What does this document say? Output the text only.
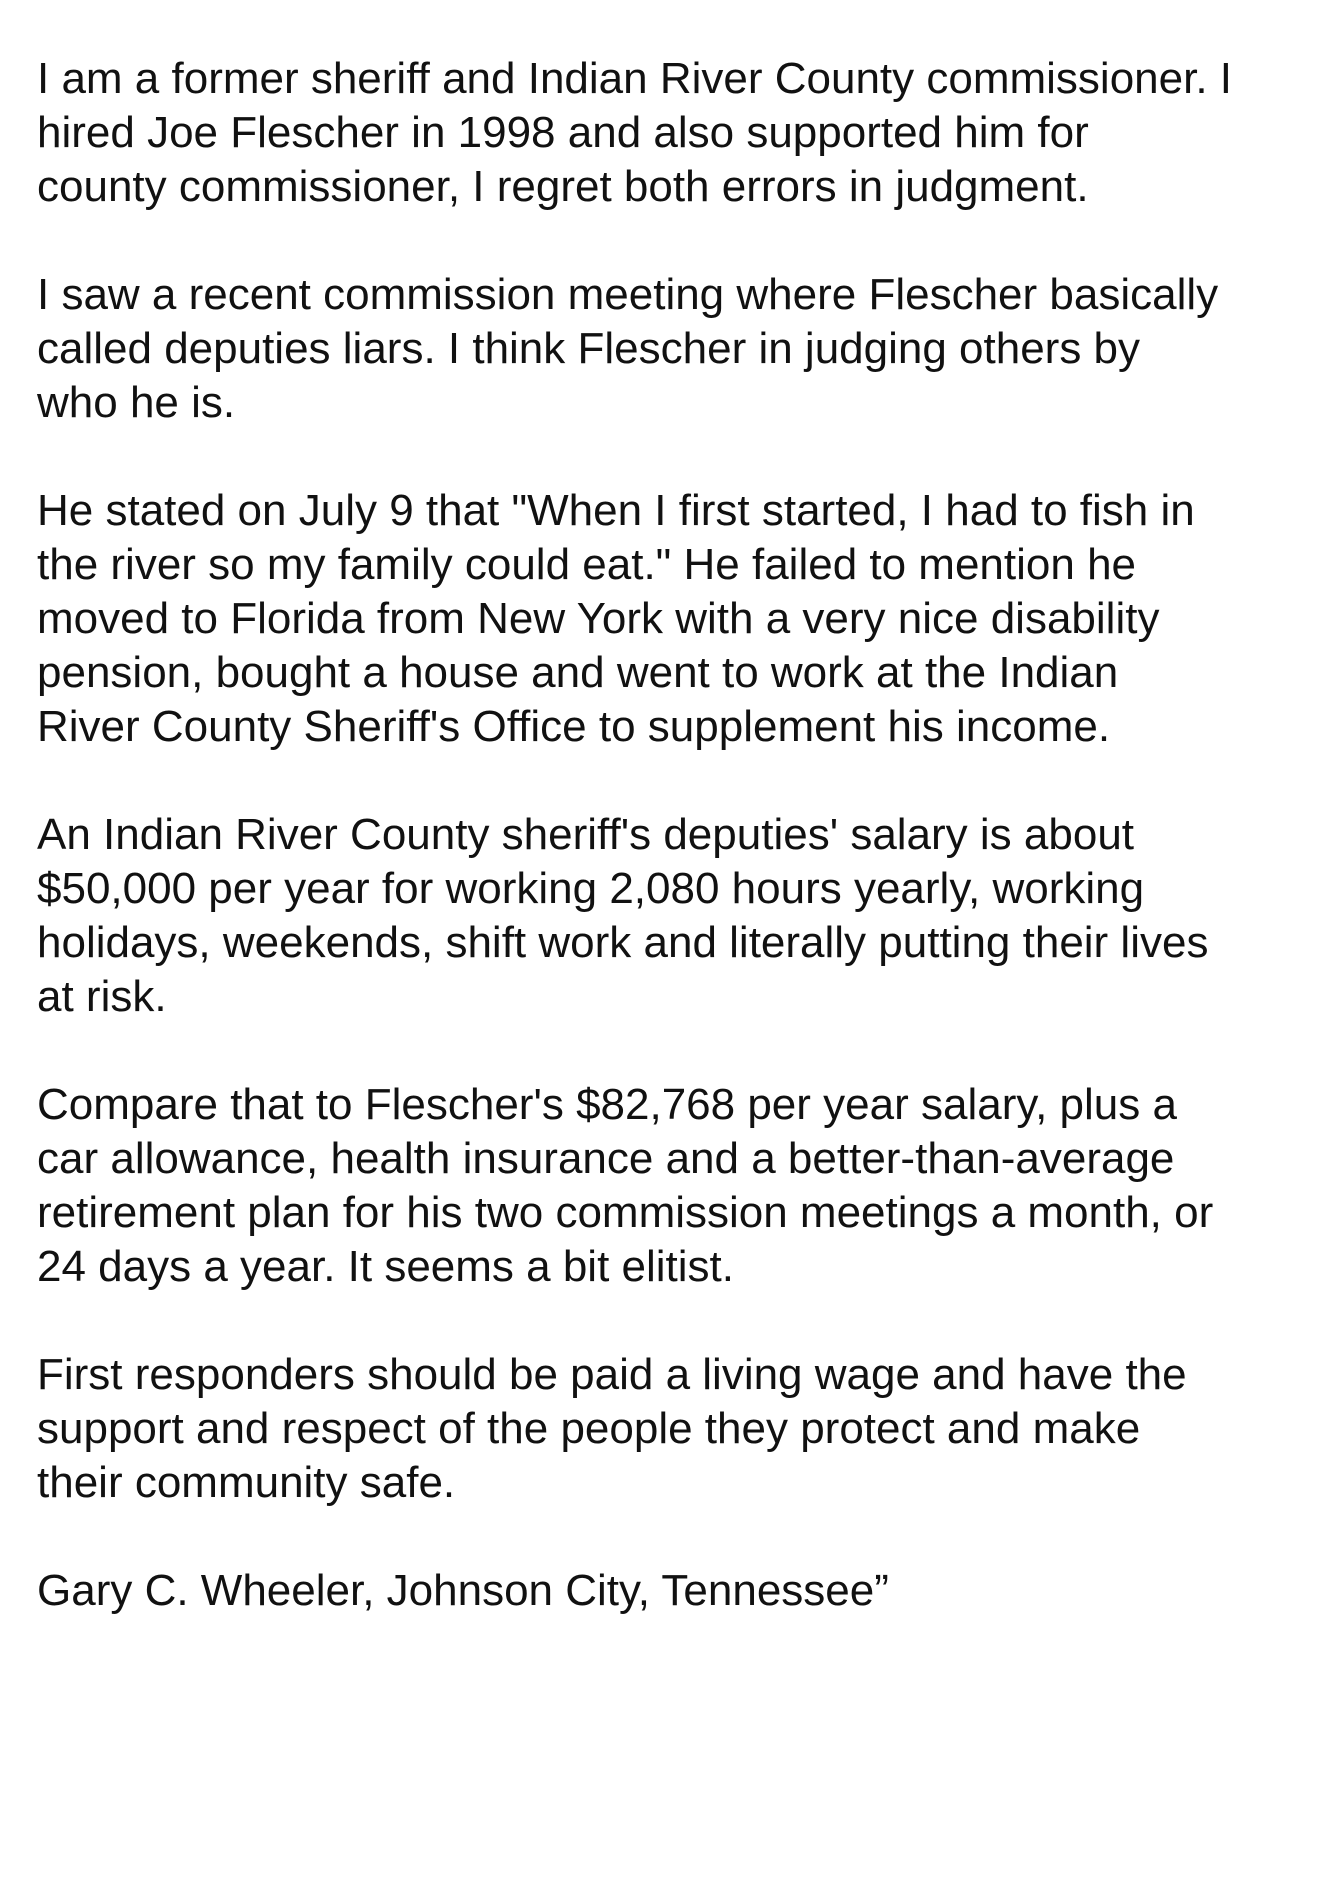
I am a former sheriff and Indian River County commissioner. I
hired Joe Flescher in 1998 and also supported him for
county commissioner, I regret both errors in judgment.

I saw a recent commission meeting where Flescher basically
called deputies liars. I think Flescher in judging others by
who he is.

He stated on July 9 that "When I first started, I had to fish in
the river so my family could eat." He failed to mention he
moved to Florida from New York with a very nice disability
pension, bought a house and went to work at the Indian
River County Sheriff's Office to supplement his income.

An Indian River County sheriff's deputies' salary is about
$50,000 per year for working 2,080 hours yearly, working
holidays, weekends, shift work and literally putting their lives
at risk.

Compare that to Flescher's $82,768 per year salary, plus a
car allowance, health insurance and a better-than-average
retirement plan for his two commission meetings a month, or
24 days a year. It seems a bit elitist.

First responders should be paid a living wage and have the
support and respect of the people they protect and make
their community safe.

Gary C. Wheeler, Johnson City, Tennessee”
